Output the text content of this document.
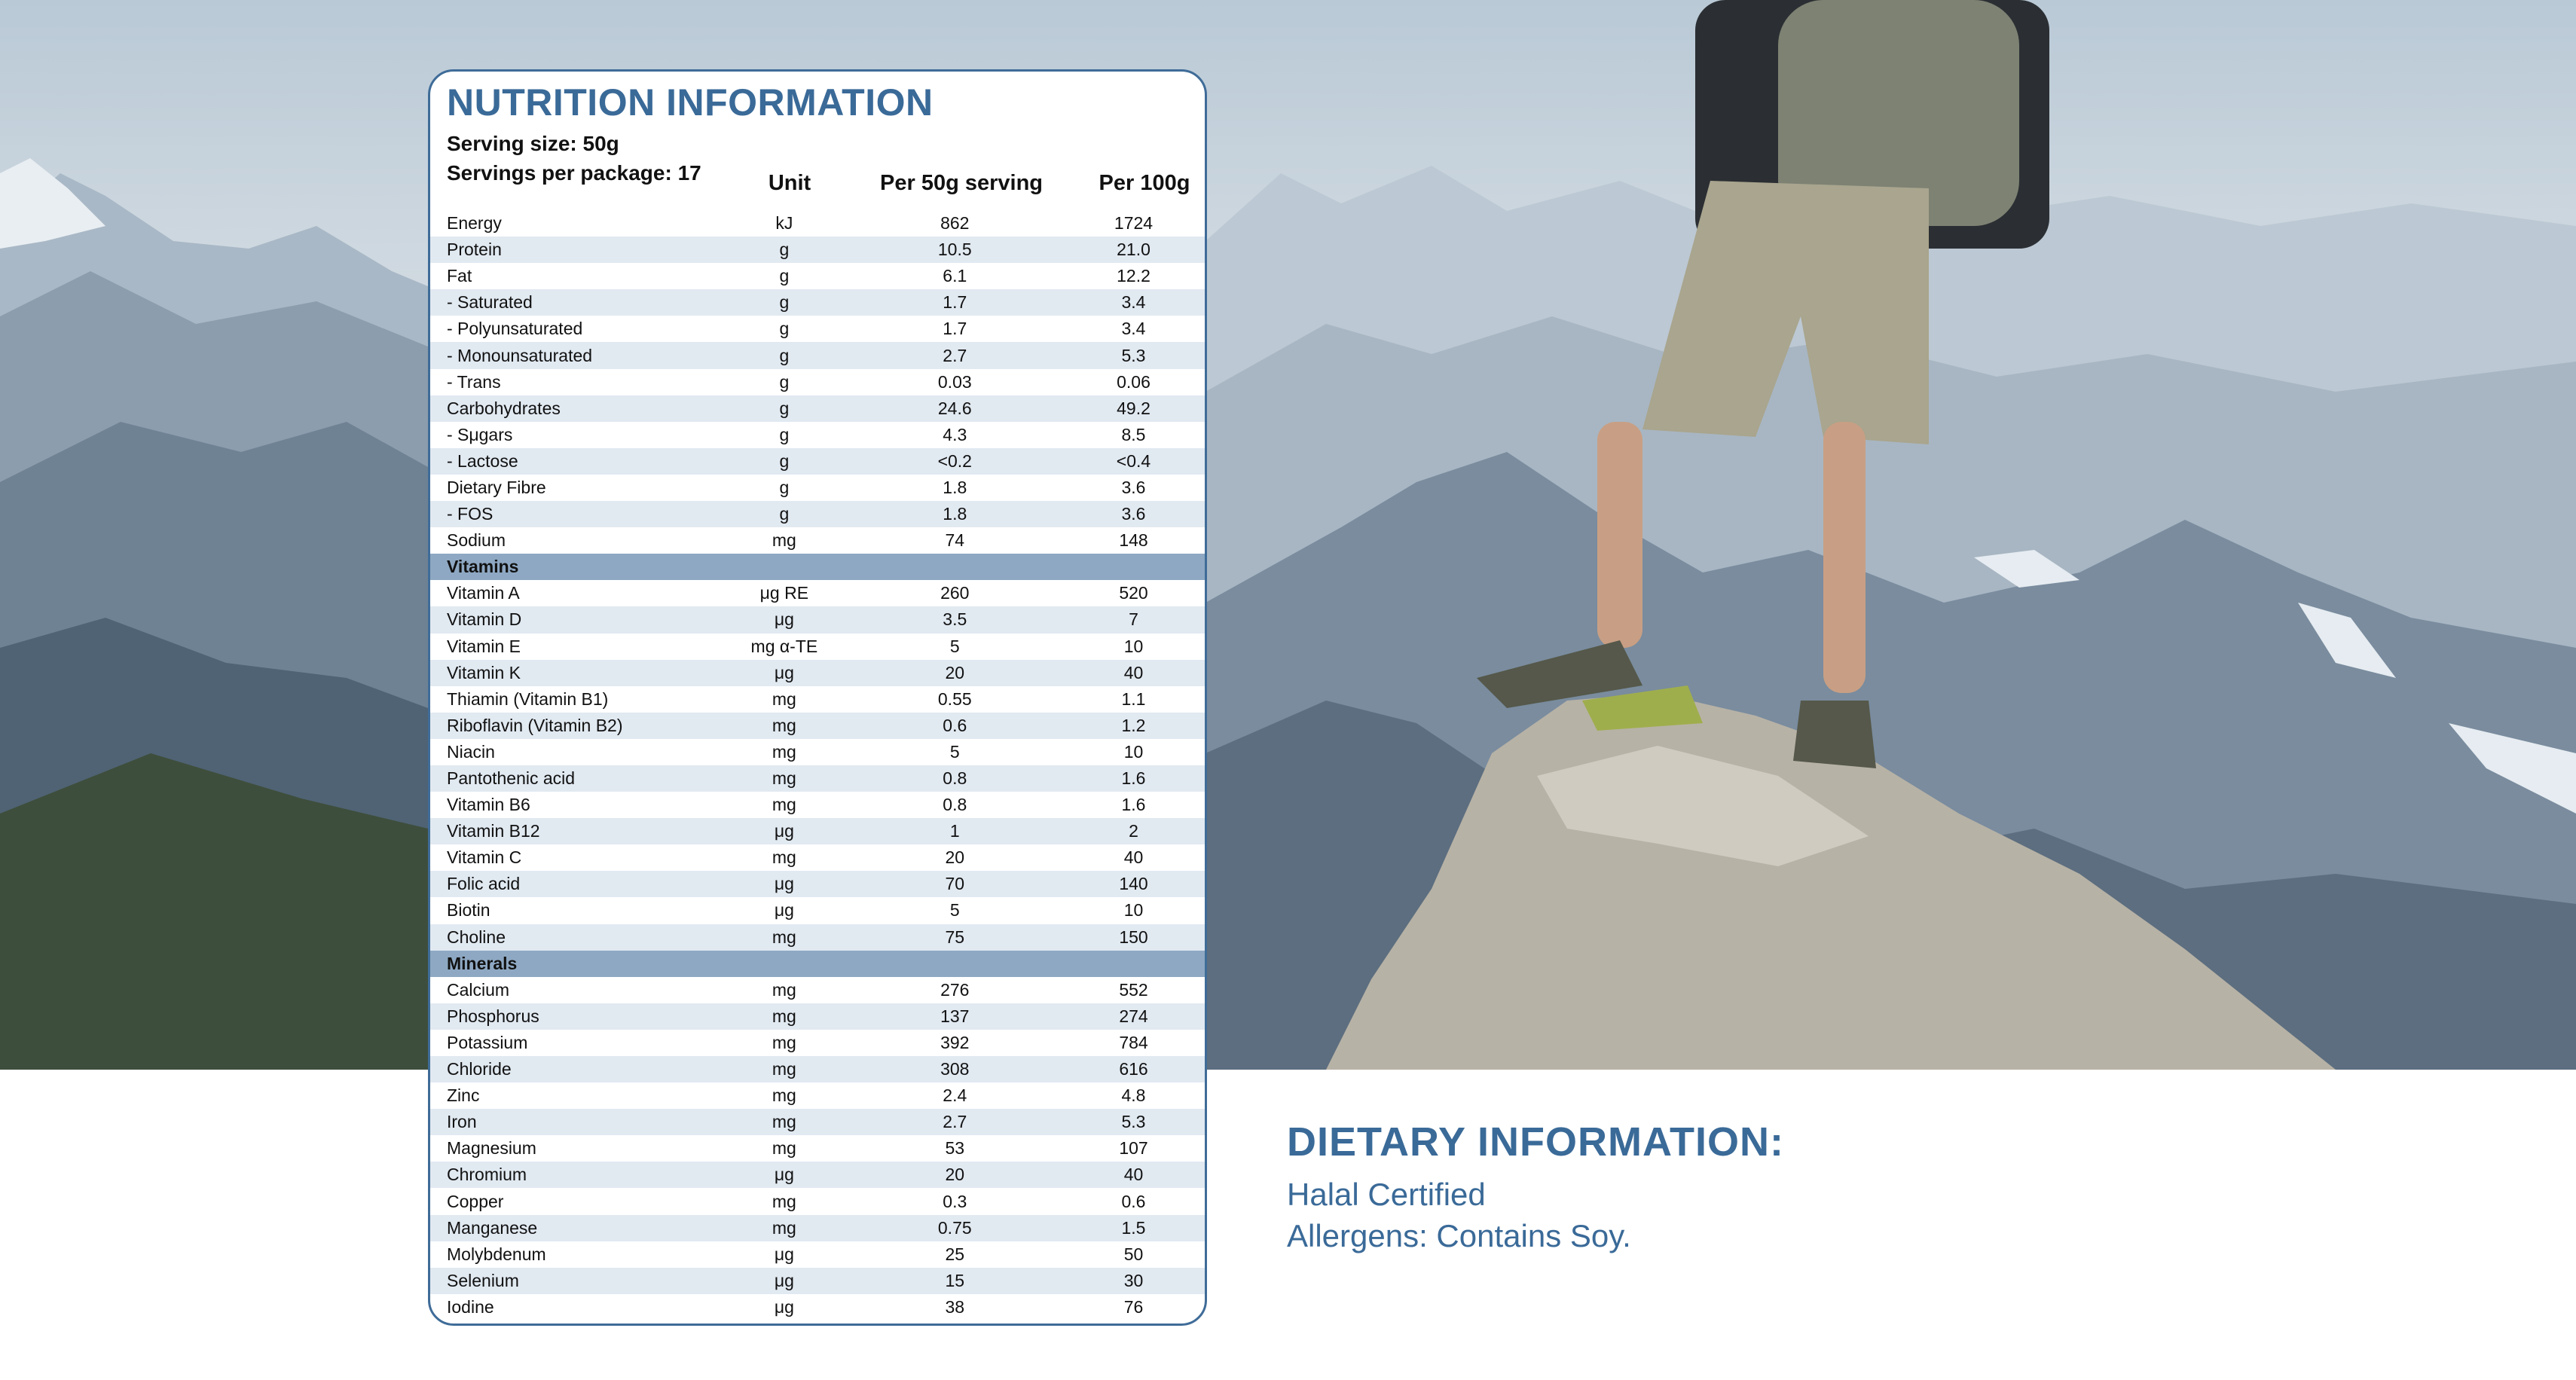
NUTRITION INFORMATION
Serving size: 50g
Servings per package: 17	Unit	Per 50g serving	Per 100g
Energy	kJ	862	1724
Protein	g	10.5	21.0
Fat	g	6.1	12.2
- Saturated	g	1.7	3.4
- Polyunsaturated	g	1.7	3.4
- Monounsaturated	g	2.7	5.3
- Trans	g	0.03	0.06
Carbohydrates	g	24.6	49.2
- Sμgars	g	4.3	8.5
- Lactose	g	<0.2	<0.4
Dietary Fibre	g	1.8	3.6
- FOS	g	1.8	3.6
Sodium	mg	74	148
Vitamins
Vitamin A	μg RE	260	520
Vitamin D	μg	3.5	7
Vitamin E	mg α-TE	5	10
Vitamin K	μg	20	40
Thiamin (Vitamin B1)	mg	0.55	1.1
Riboflavin (Vitamin B2)	mg	0.6	1.2
Niacin	mg	5	10
Pantothenic acid	mg	0.8	1.6
Vitamin B6	mg	0.8	1.6
Vitamin B12	μg	1	2
Vitamin C	mg	20	40
Folic acid	μg	70	140
Biotin	μg	5	10
Choline	mg	75	150
Minerals
Calcium	mg	276	552
Phosphorus	mg	137	274
Potassium	mg	392	784
Chloride	mg	308	616
Zinc	mg	2.4	4.8
Iron	mg	2.7	5.3
Magnesium	mg	53	107
Chromium	μg	20	40
Copper	mg	0.3	0.6
Manganese	mg	0.75	1.5
Molybdenum	μg	25	50
Selenium	μg	15	30
Iodine	μg	38	76
DIETARY INFORMATION:
Halal Certified
Allergens: Contains Soy.
